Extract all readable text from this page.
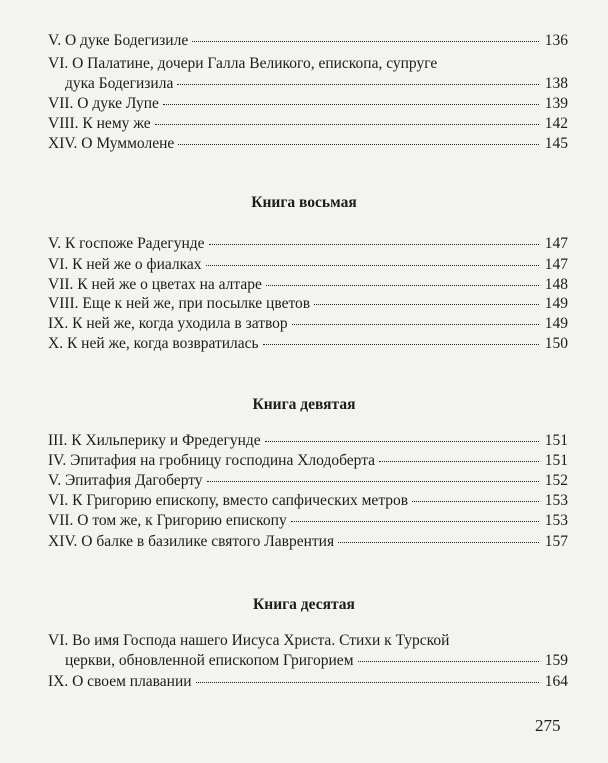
V. О дуке Бодегизиле	136
VI. О Палатине, дочери Галла Великого, епископа, супруге
дука Бодегизила	138
VII. О дуке Лупе	139
VIII. К нему же	142
XIV. О Муммолене	145
Книга восьмая
V. К госпоже Радегунде	147
VI. К ней же о фиалках	147
VII. К ней же о цветах на алтаре	148
VIII. Еще к ней же, при посылке цветов	149
IX. К ней же, когда уходила в затвор	149
X. К ней же, когда возвратилась	150
Книга девятая
III. К Хильперику и Фредегунде	151
IV. Эпитафия на гробницу господина Хлодоберта	151
V. Эпитафия Дагоберту	152
VI. К Григорию епископу, вместо сапфических метров	153
VII. О том же, к Григорию епископу	153
XIV. О балке в базилике святого Лаврентия	157
Книга десятая
VI. Во имя Господа нашего Иисуса Христа. Стихи к Турской
церкви, обновленной епископом Григорием	159
IX. О своем плавании	164
275
